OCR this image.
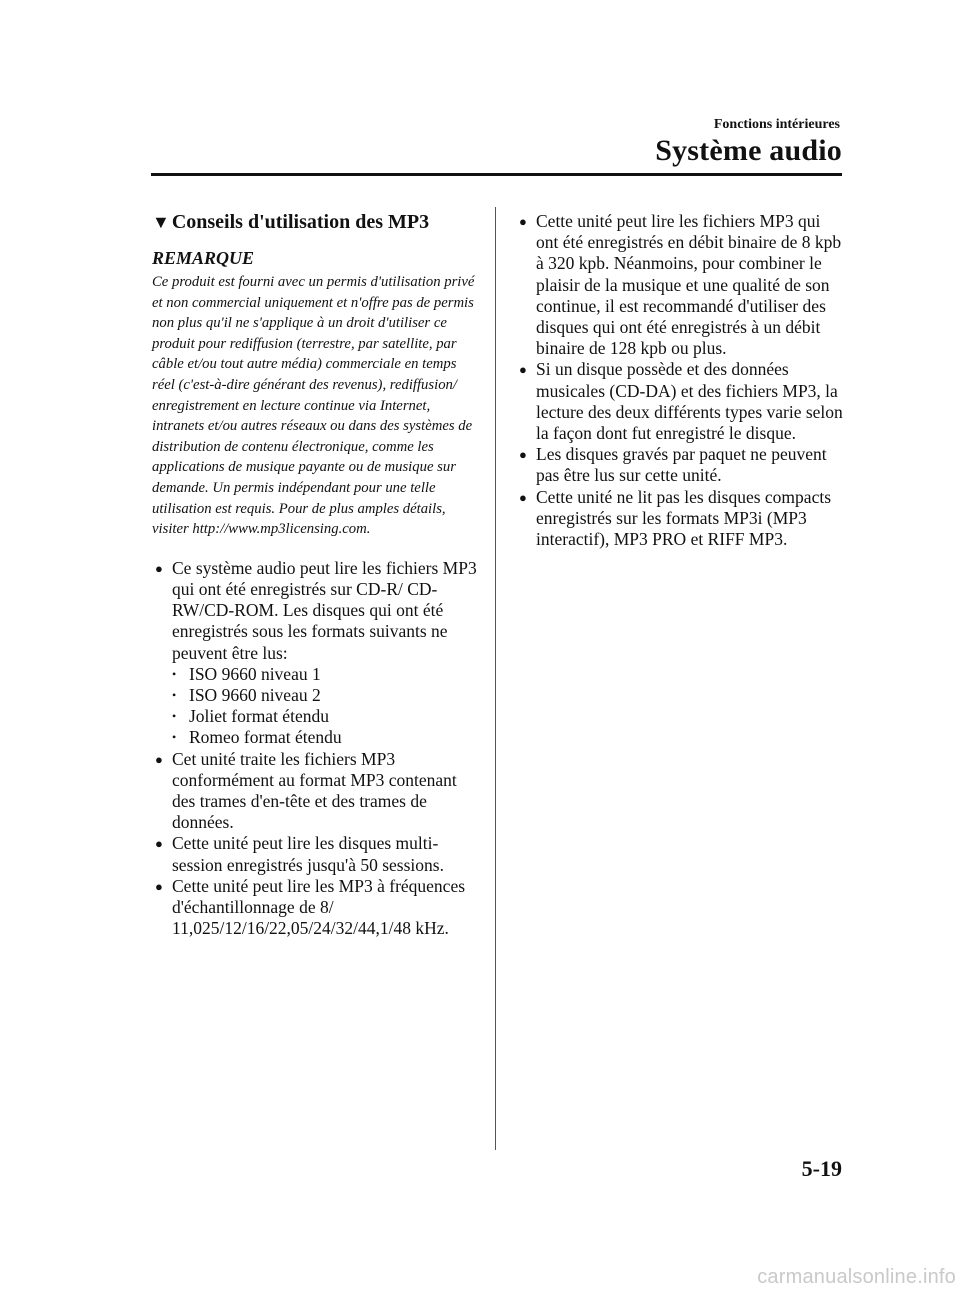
Fonctions intérieures
Système audio
▼ Conseils d'utilisation des MP3
REMARQUE
Ce produit est fourni avec un permis d'utilisation privé et non commercial uniquement et n'offre pas de permis non plus qu'il ne s'applique à un droit d'utiliser ce produit pour rediffusion (terrestre, par satellite, par câble et/ou tout autre média) commerciale en temps réel (c'est-à-dire générant des revenus), rediffusion/ enregistrement en lecture continue via Internet, intranets et/ou autres réseaux ou dans des systèmes de distribution de contenu électronique, comme les applications de musique payante ou de musique sur demande. Un permis indépendant pour une telle utilisation est requis. Pour de plus amples détails, visiter http://www.mp3licensing.com.
● Ce système audio peut lire les fichiers MP3 qui ont été enregistrés sur CD-R/ CD-RW/CD-ROM. Les disques qui ont été enregistrés sous les formats suivants ne peuvent être lus:
• ISO 9660 niveau 1
• ISO 9660 niveau 2
• Joliet format étendu
• Romeo format étendu
● Cet unité traite les fichiers MP3 conformément au format MP3 contenant des trames d'en-tête et des trames de données.
● Cette unité peut lire les disques multi- session enregistrés jusqu'à 50 sessions.
● Cette unité peut lire les MP3 à fréquences d'échantillonnage de 8/ 11,025/12/16/22,05/24/32/44,1/48 kHz.
● Cette unité peut lire les fichiers MP3 qui ont été enregistrés en débit binaire de 8 kpb à 320 kpb. Néanmoins, pour combiner le plaisir de la musique et une qualité de son continue, il est recommandé d'utiliser des disques qui ont été enregistrés à un débit binaire de 128 kpb ou plus.
● Si un disque possède et des données musicales (CD-DA) et des fichiers MP3, la lecture des deux différents types varie selon la façon dont fut enregistré le disque.
● Les disques gravés par paquet ne peuvent pas être lus sur cette unité.
● Cette unité ne lit pas les disques compacts enregistrés sur les formats MP3i (MP3 interactif), MP3 PRO et RIFF MP3.
5-19
carmanualsonline.info
